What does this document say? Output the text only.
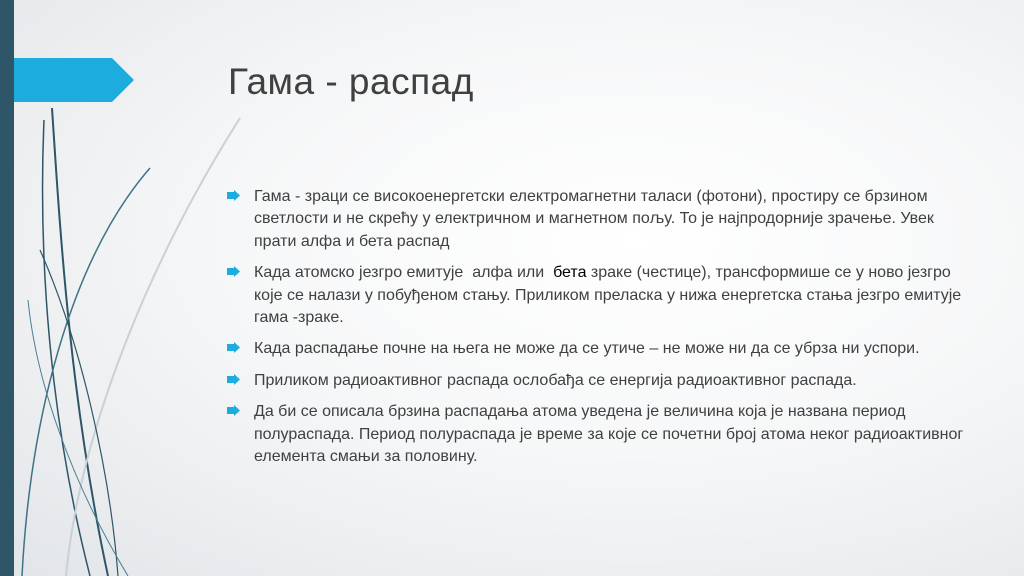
Гама - распад
Гама - зраци се високоенергетски електромагнетни таласи (фотони), простиру се брзином светлости и не скрећу у електричном и магнетном пољу. То је најпродорније зрачење. Увек прати алфа и бета распад
Када атомско језгро емитује  алфа или  бета зраке (честице), трансформише се у ново језгро које се налази у побуђеном стању. Приликом преласка у нижа енергетска стања језгро емитује гама -зраке.
Када распадање почне на њега не може да се утиче – не може ни да се убрза ни успори.
Приликом радиоактивног распада ослобађа се енергија радиоактивног распада.
Да би се описала брзина распадања атома уведена је величина која је названа период полураспада. Период полураспада је време за које се почетни број атома неког радиоактивног елемента смањи за половину.
